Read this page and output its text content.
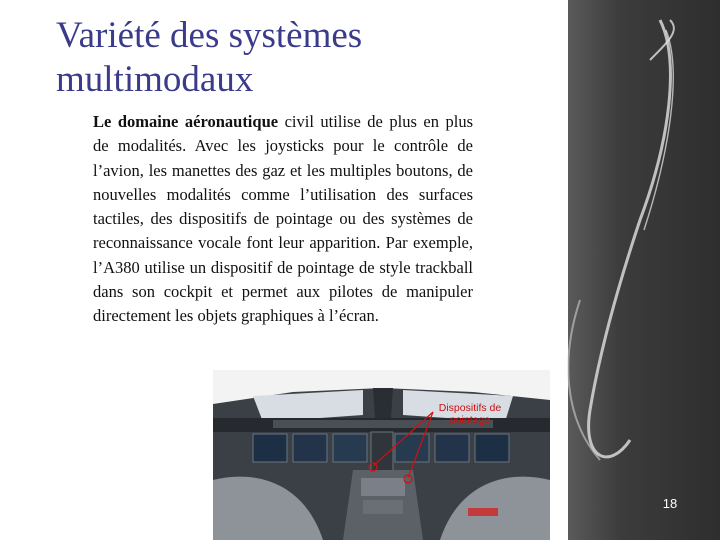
Variété des systèmes multimodaux

Le domaine aéronautique civil utilise de plus en plus de modalités. Avec les joysticks pour le contrôle de l’avion, les manettes des gaz et les multiples boutons, de nouvelles modalités comme l’utilisation des surfaces tactiles, des dispositifs de pointage ou des systèmes de reconnaissance vocale font leur apparition. Par exemple, l’A380 utilise un dispositif de pointage de style trackball dans son cockpit et permet aux pilotes de manipuler directement les objets graphiques à l’écran.

Dispositifs de
pointage
18
